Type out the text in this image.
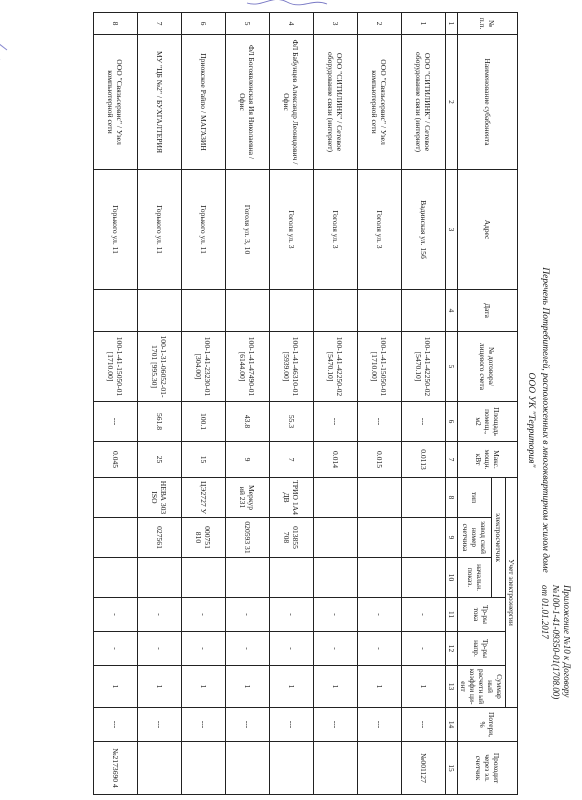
Приложение №10 к Договору
№100-1-41-09350-01(1708.00)
от 01.01.2017
Перечень Потребителей, расположенных в многоквартирном жилом доме
ООО УК "Территория"
№ п.п.	Наименование субабонента	Адрес	Дата	№ договора/ лицевого счета	Площадь помещ., м2	Макс. мощн. кВт	Учет электроэнергии						Потери, %	Проходит через эл. счетчик
							электросчетчик			Тр-ры тока	Тр-ры напр.	Суммар ный расчетн ый коэффи ци-ент		
							тип	завод ской номер счетчика	начальн. показ.					
1	2	3	4	5	6	7	8	9	10	11	12	13	14	15
1	ООО "СИТИЛИНК" / Сетевое оборудование связи (интернет)	Вадинская ул. 15б		100-1-41-42250-02 [5470.10]	---	0.0113				-	-	1	---	№001127
2	ООО "Связьсервис" / Узел компьютерной сети	Гоголя ул. 3		100-1-41-15050-01 [1710.00]	---	0.015				-	-	1	---	
3	ООО "СИТИЛИНК" / Сетевое оборудование связи (интернет)	Гоголя ул. 3		100-1-41-42250-02 [5470.10]	---	0.014				-	-	1	---	
4	ФЛ Бабунцев Александр Леонидович / Офис	Гоголя ул. 3		100-1-41-46310-01 [5939.00]	55.3	7	ТРИО 1А4 ДВ	013855 708		-	-	1	---	
5	ФЛ Богоявленская Ия Николаевна / Офис	Гоголя ул. 3, 10		100-1-41-47490-01 [6144.00]	43.8	9	Меркур ий 231	020593 31		-	-	1	---	
6	Приокское Райпо / МАГАЗИН	Горького ул. 11		100-1-41-23230-01 [304.00]	100.1	15	ЦЭ2727 У	000751 810		-	-	1	---	
7	МУ "ЦБ №2" / БУХГАЛТЕРИЯ	Горького ул. 11		100-1-31-06052-01-1701 [995.30]	561.8	25	НЕВА 303 ISO	027561		-	-	1	---	
8	ООО "Связьсервис" / Узел компьютерной сети	Горького ул. 11		100-1-41-15050-01 [1710.00]	---	0.045				-	-	1	---	№2173690 4
